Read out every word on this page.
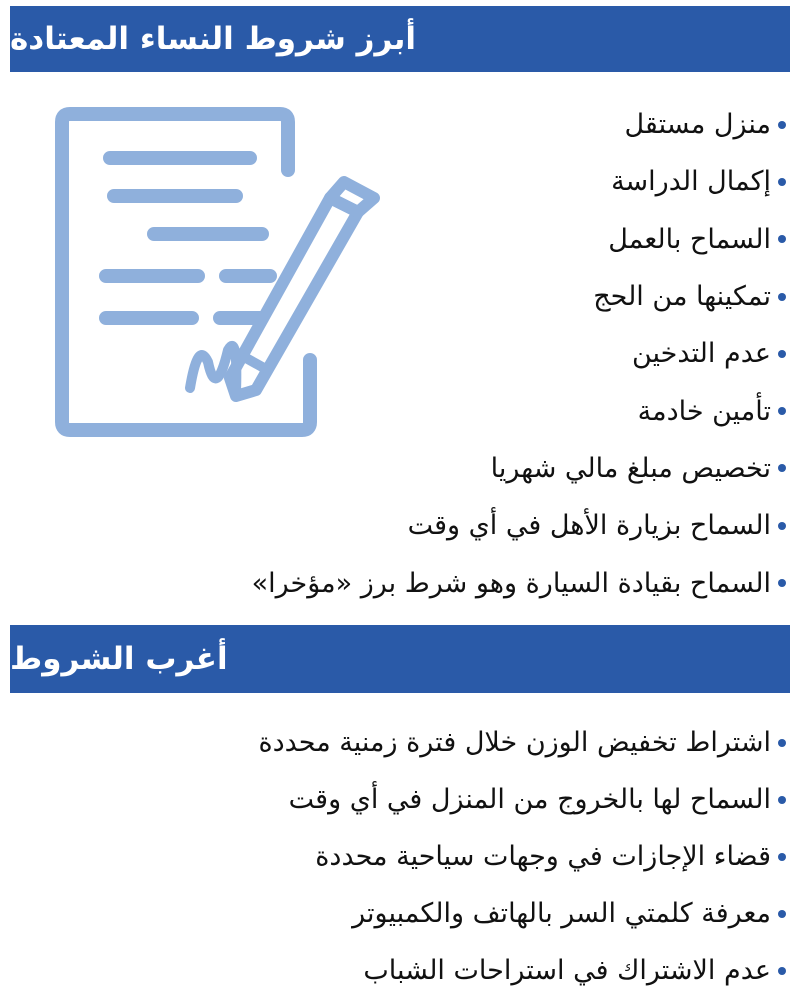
أبرز شروط النساء المعتادة
منزل مستقل
إكمال الدراسة
السماح بالعمل
تمكينها من الحج
عدم التدخين
تأمين خادمة
تخصيص مبلغ مالي شهريا
السماح بزيارة الأهل في أي وقت
السماح بقيادة السيارة وهو شرط برز «مؤخرا»
أغرب الشروط
اشتراط تخفيض الوزن خلال فترة زمنية محددة
السماح لها بالخروج من المنزل في أي وقت
قضاء الإجازات في وجهات سياحية محددة
معرفة كلمتي السر بالهاتف والكمبيوتر
عدم الاشتراك في استراحات الشباب
